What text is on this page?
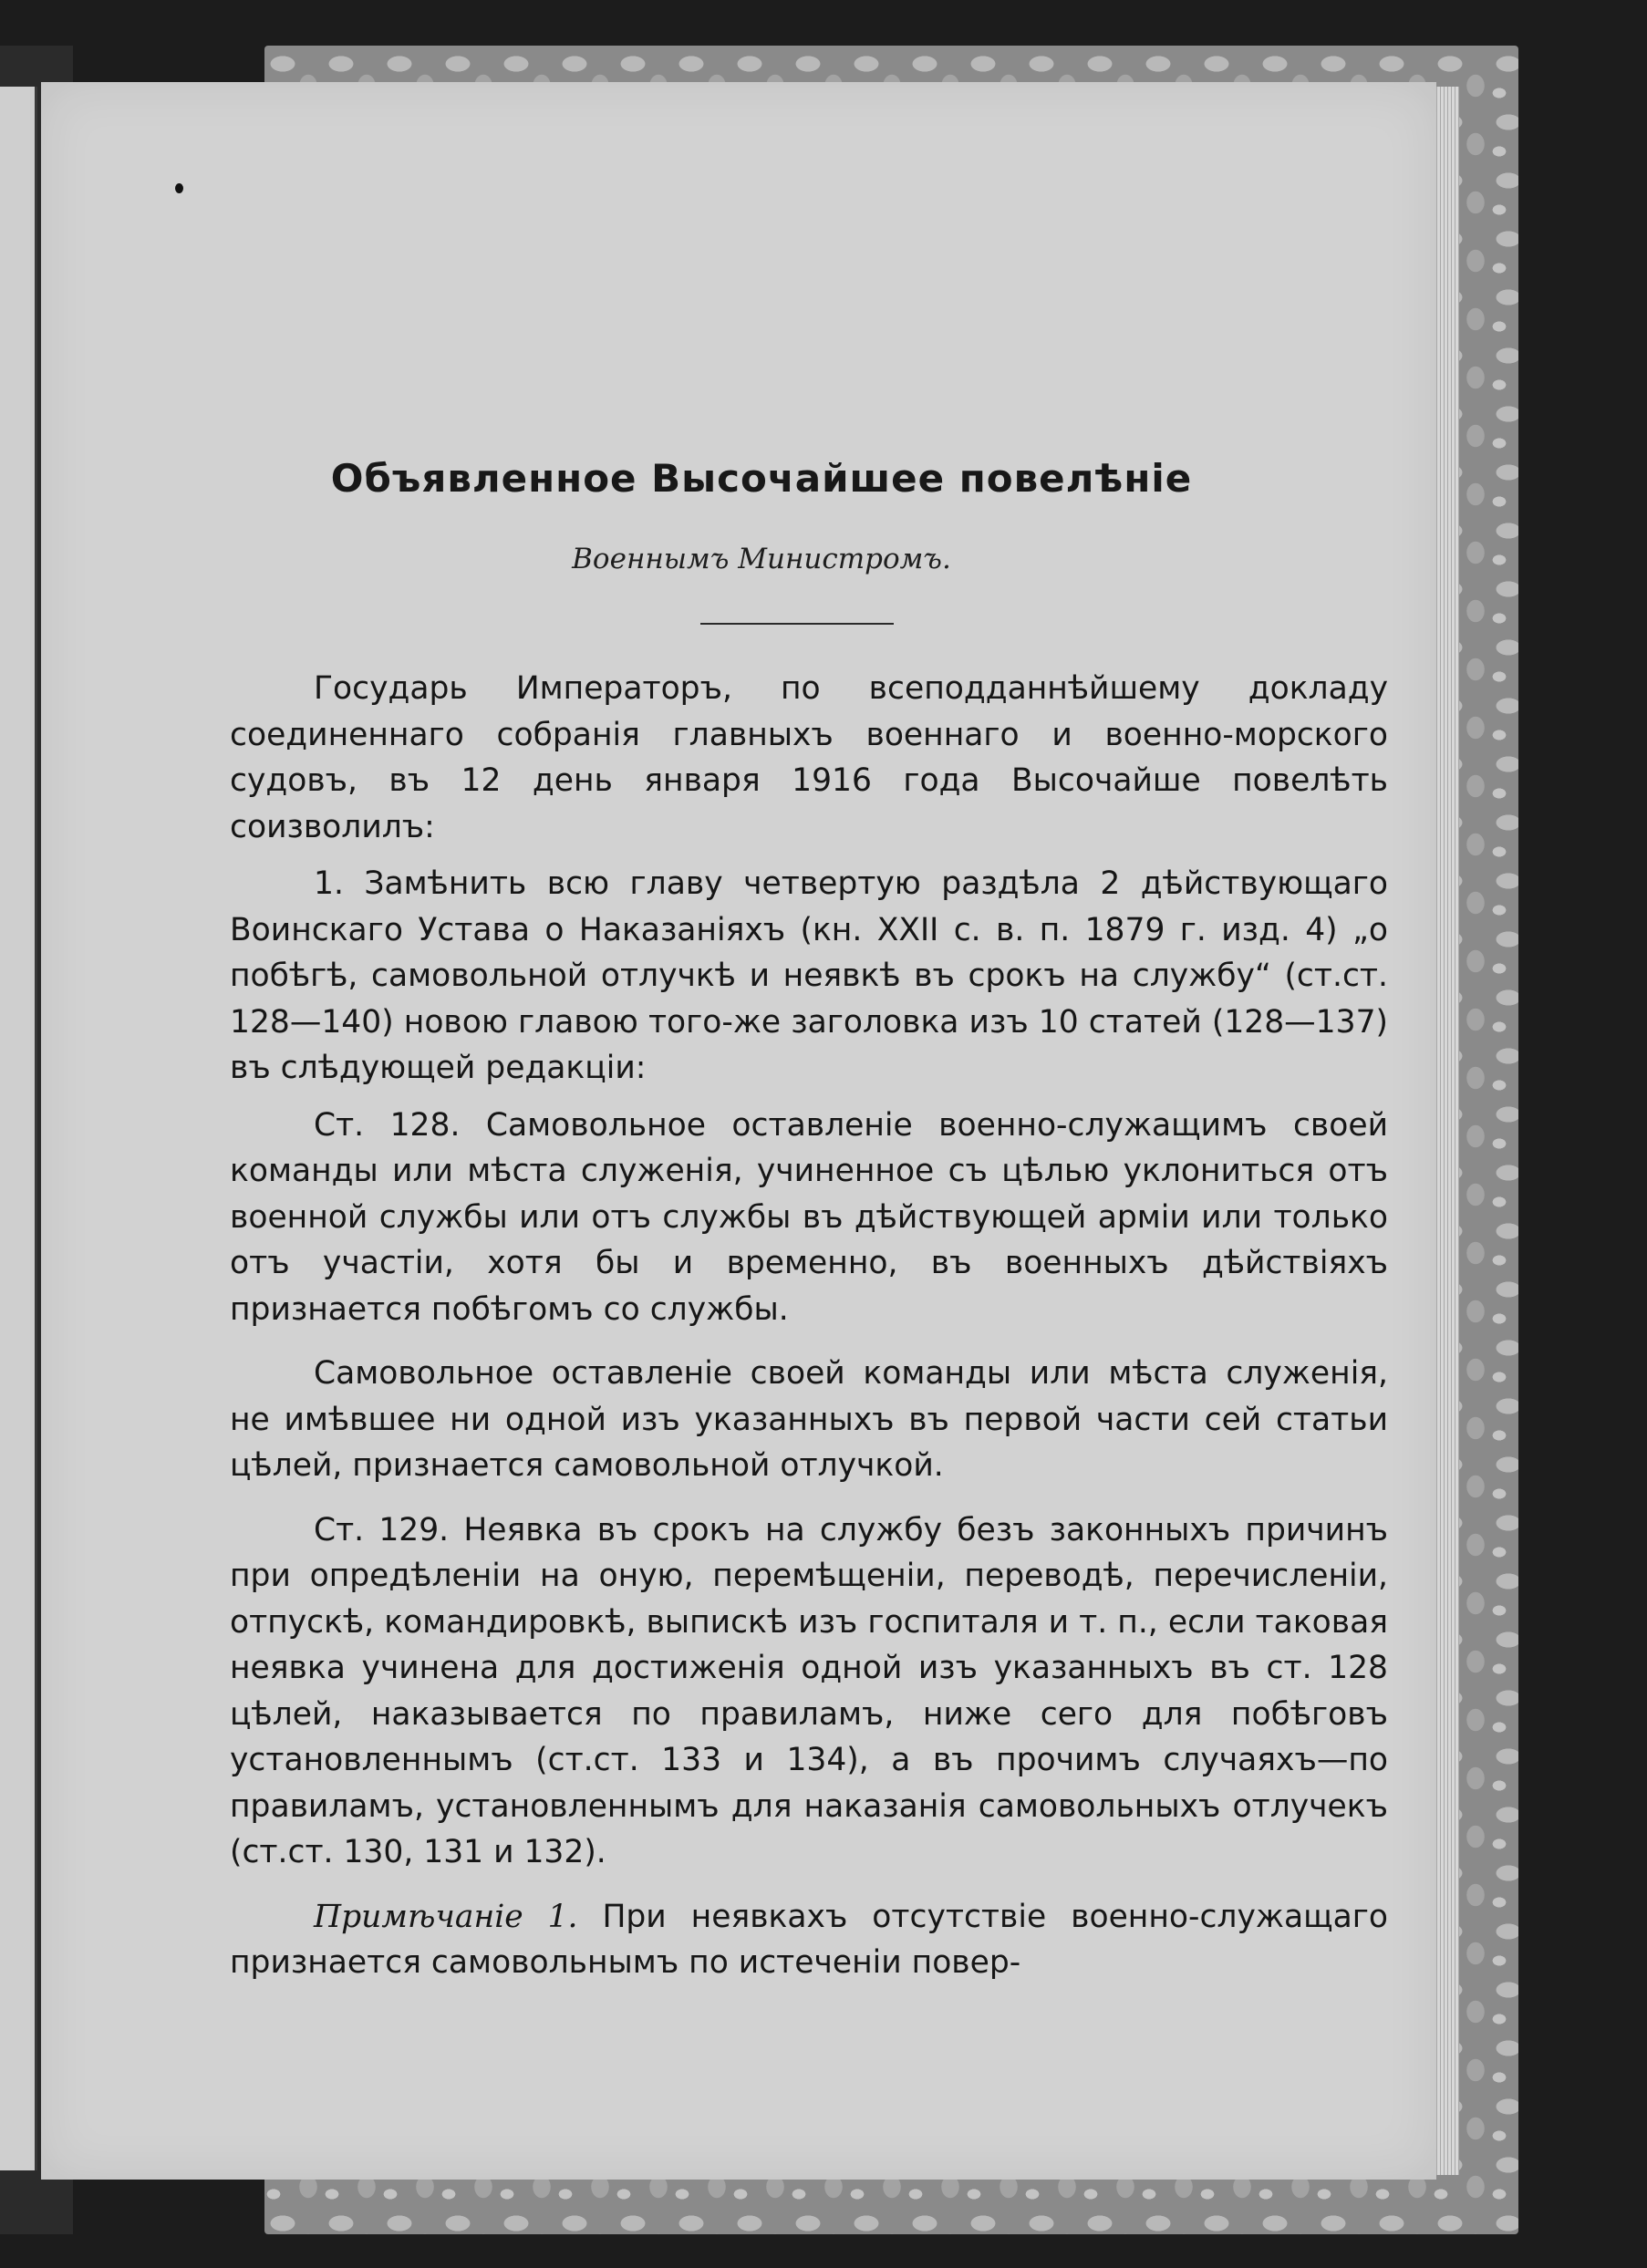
Объявленное Высочайшее повелѣніе
Военнымъ Министромъ.

Государь Императоръ, по всеподданнѣйшему докладу соединеннаго собранія главныхъ военнаго и военно-морского судовъ, въ 12 день января 1916 года Высочайше повелѣть соизволилъ:

1. Замѣнить всю главу четвертую раздѣла 2 дѣйствующаго Воинскаго Устава о Наказаніяхъ (кн. XXII с. в. п. 1879 г. изд. 4) „о побѣгѣ, самовольной отлучкѣ и неявкѣ въ срокъ на службу“ (ст.ст. 128—140) новою главою того-же заголовка изъ 10 статей (128—137) въ слѣдующей редакціи:

Ст. 128. Самовольное оставленіе военно-служащимъ своей команды или мѣста служенія, учиненное съ цѣлью уклониться отъ военной службы или отъ службы въ дѣйствующей арміи или только отъ участіи, хотя бы и временно, въ военныхъ дѣйствіяхъ признается побѣгомъ со службы.

Самовольное оставленіе своей команды или мѣста служенія, не имѣвшее ни одной изъ указанныхъ въ первой части сей статьи цѣлей, признается самовольной отлучкой.

Ст. 129. Неявка въ срокъ на службу безъ законныхъ причинъ при опредѣленіи на оную, перемѣщеніи, переводѣ, перечисленіи, отпускѣ, командировкѣ, выпискѣ изъ госпиталя и т. п., если таковая неявка учинена для достиженія одной изъ указанныхъ въ ст. 128 цѣлей, наказывается по правиламъ, ниже сего для побѣговъ установленнымъ (ст.ст. 133 и 134), а въ прочимъ случаяхъ—по правиламъ, установленнымъ для наказанія самовольныхъ отлучекъ (ст.ст. 130, 131 и 132).

Примѣчаніе 1. При неявкахъ отсутствіе военно-служащаго признается самовольнымъ по истеченіи повер-
